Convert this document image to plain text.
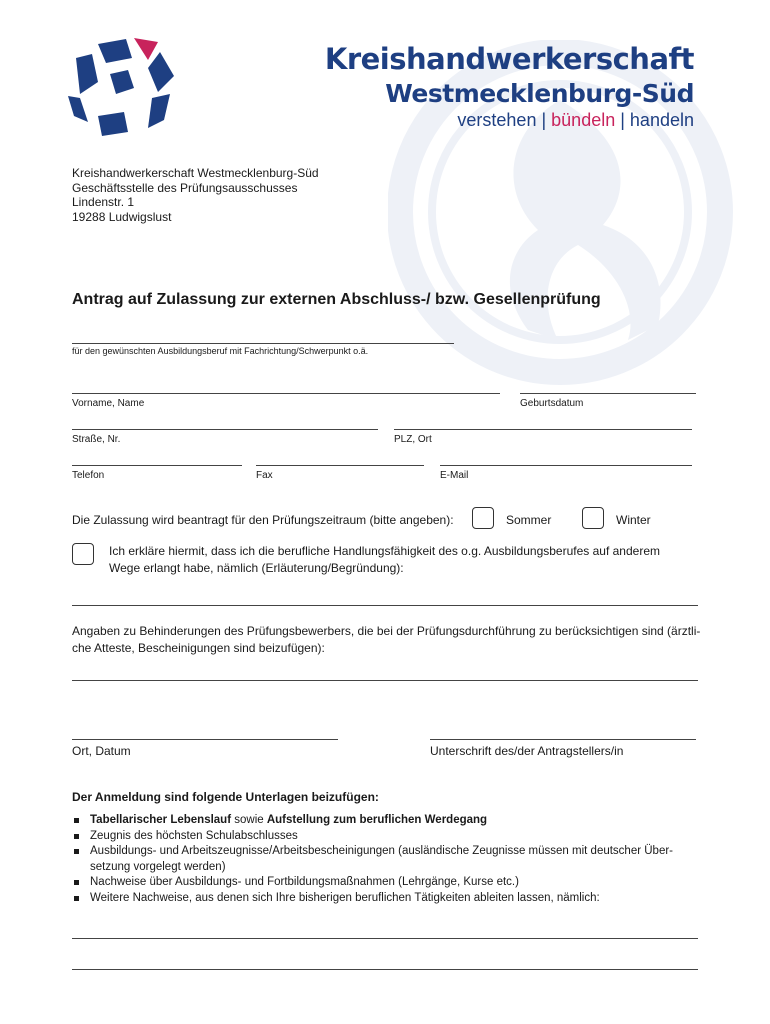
Kreishandwerkerschaft
Westmecklenburg-Süd
verstehen | bündeln | handeln
Kreishandwerkerschaft Westmecklenburg-Süd
Geschäftsstelle des Prüfungsausschusses
Lindenstr. 1
19288 Ludwigslust
Antrag auf Zulassung zur externen Abschluss-/ bzw. Gesellenprüfung
für den gewünschten Ausbildungsberuf mit Fachrichtung/Schwerpunkt o.ä.
Vorname, Name	Geburtsdatum
Straße, Nr.	PLZ, Ort
Telefon	Fax	E-Mail
Die Zulassung wird beantragt für den Prüfungszeitraum (bitte angeben):	Sommer	Winter
Ich erkläre hiermit, dass ich die berufliche Handlungsfähigkeit des o.g. Ausbildungsberufes auf anderem
Wege erlangt habe, nämlich (Erläuterung/Begründung):
Angaben zu Behinderungen des Prüfungsbewerbers, die bei der Prüfungsdurchführung zu berücksichtigen sind (ärztli-
che Atteste, Bescheinigungen sind beizufügen):
Ort, Datum	Unterschrift des/der Antragstellers/in
Der Anmeldung sind folgende Unterlagen beizufügen:
Tabellarischer Lebenslauf sowie Aufstellung zum beruflichen Werdegang
Zeugnis des höchsten Schulabschlusses
Ausbildungs- und Arbeitszeugnisse/Arbeitsbescheinigungen (ausländische Zeugnisse müssen mit deutscher Über-
setzung vorgelegt werden)
Nachweise über Ausbildungs- und Fortbildungsmaßnahmen (Lehrgänge, Kurse etc.)
Weitere Nachweise, aus denen sich Ihre bisherigen beruflichen Tätigkeiten ableiten lassen, nämlich:
